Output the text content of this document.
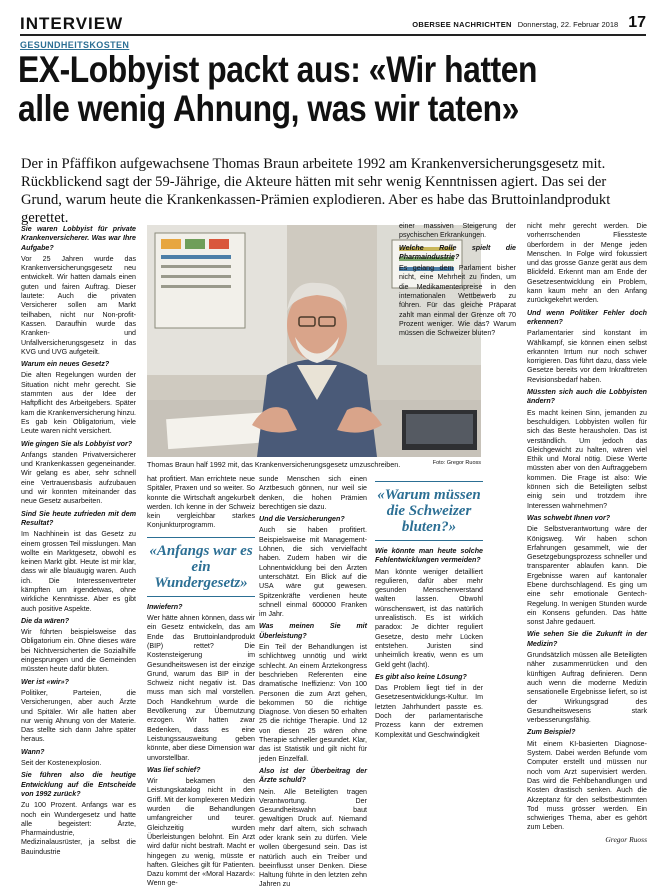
INTERVIEW	OBERSEE NACHRICHTEN Donnerstag, 22. Februar 2018 17
GESUNDHEITSKOSTEN
EX-Lobbyist packt aus: «Wir hatten
alle wenig Ahnung, was wir taten»
Der in Pfäffikon aufgewachsene Thomas Braun arbeitete 1992 am Krankenversicherungsgesetz mit. Rückblickend sagt der 59-Jährige, die Akteure hätten mit sehr wenig Kenntnissen agiert. Das sei der Grund, warum heute die Krankenkassen-Prämien explodieren. Aber es habe das Bruttoinlandprodukt gerettet.

Sie waren Lobbyist für private Krankenversicherer. Was war Ihre Aufgabe?

Vor 25 Jahren wurde das Krankenversicherungsgesetz neu entwickelt. Wir hatten damals einen guten und fairen Auftrag. Dieser lautete: Auch die privaten Versicherer sollen am Markt teilhaben, nicht nur Non-profit-Kassen. Daraufhin wurde das Kranken- und Unfallversicherungsgesetz in das KVG und UVG aufgeteilt.

Warum ein neues Gesetz?

Die alten Regelungen wurden der Situation nicht mehr gerecht. Sie stammten aus der Idee der Haftpflicht des Arbeitgebers. Später kam die Krankenversicherung hinzu. Es gab kein Obligatorium, viele Leute waren nicht versichert.

Wie gingen Sie als Lobbyist vor?

Anfangs standen Privatversicherer und Krankenkassen gegeneinander. Wir gelang es aber, sehr schnell eine Vertrauensbasis aufzubauen und wir konnten miteinander das neue Gesetz ausarbeiten.

Sind Sie heute zufrieden mit dem Resultat?

Im Nachhinein ist das Gesetz zu einem grossen Teil misslungen. Man wollte ein Marktgesetz, obwohl es keinen Markt gibt. Heute ist mir klar, dass wir alle blauäugig waren. Auch ich. Die Interessenvertreter kämpften um irgendetwas, ohne wirkliche Kenntnisse. Aber es gibt auch positive Aspekte.

Die da wären?

Wir führten beispielsweise das Obligatorium ein. Ohne dieses wäre bei Nichtversicherten die Sozialhilfe eingesprungen und die Gemeinden müssten heute dafür bluten.

Wer ist «wir»?

Politiker, Parteien, die Versicherungen, aber auch Ärzte und Spitäler. Wir alle hatten aber nur wenig Ahnung von der Materie. Das stellte sich dann Jahre später heraus.

Wann?

Seit der Kostenexplosion.

Sie führen also die heutige Entwicklung auf die Entscheide von 1992 zurück?

Zu 100 Prozent. Anfangs war es noch ein Wundergesetz und hatte alle begeistert: Ärzte, Pharmaindustrie, Medizinalausrüster, ja selbst die Bauindustrie

Thomas Braun half 1992 mit, das Krankenversicherungsgesetz umzuschreiben.	Foto: Gregor Ruoss

einer massiven Steigerung der psychischen Erkrankungen.

Welche Rolle spielt die Pharmaindustrie?

Es gelang dem Parlament bisher nicht, eine Mehrheit zu finden, um die Medikamentenpreise in den internationalen Wettbewerb zu führen. Für das gleiche Präparat zahlt man einmal der Grenze oft 70 Prozent weniger. Wie das? Warum müssen die Schweizer bluten?

hat profitiert. Man errichtete neue Spitäler, Praxen und so weiter. So konnte die Wirtschaft angekurbelt werden. Ich kenne in der Schweiz kein vergleichbar starkes Konjunkturprogramm.

«Anfangs war es ein Wundergesetz»

Inwiefern?

Wer hätte ahnen können, dass wir ein Gesetz entwickeln, das am Ende das Bruttoinlandprodukt (BIP) rettet? Die Kostensteigerung im Gesundheitswesen ist der einzige Grund, warum das BIP in der Schweiz nicht negativ ist. Das muss man sich mal vorstellen. Doch Handkehrum wurde die Bevölkerung zur Übernutzung erzogen. Wir hatten zwar Bedenken, dass es eine Leistungssausweitung geben könnte, aber diese Dimension war unvorstellbar.

Was lief schief?

Wir bekamen den Leistungskatalog nicht in den Griff. Mit der komplexeren Medizin wurden die Behandlungen umfangreicher und teurer. Gleichzeitig wurden Überleistungen belohnt. Ein Arzt wird dafür nicht bestraft. Macht er hingegen zu wenig, müsste er haften. Gleiches gilt für Patienten. Dazu kommt der «Moral Hazard»: Wenn ge-

sunde Menschen sich einen Arztbesuch gönnen, nur weil sie denken, die hohen Prämien berechtigen sie dazu.

Und die Versicherungen?

Auch sie haben profitiert. Beispielsweise mit Management-Löhnen, die sich vervielfacht haben. Zudem haben wir die Lohnentwicklung bei den Ärzten unterschätzt. Ein Blick auf die USA wäre gut gewesen. Spitzenkräfte verdienen heute schnell einmal 600000 Franken im Jahr.

Was meinen Sie mit Überleistung?

Ein Teil der Behandlungen ist schlichtweg unnötig und wirkt schlecht. An einem Ärztekongress beschrieben Referenten eine dramatische Ineffizienz: Von 100 Personen die zum Arzt gehen, bekommen 50 die richtige Diagnose. Von diesen 50 erhalten 25 die richtige Therapie. Und 12 von diesen 25 wären ohne Therapie schneller gesundet. Klar, das ist Statistik und gilt nicht für jeden Einzelfall.

Also ist der Überbeitrag der Ärzte schuld?

Nein. Alle Beteiligten tragen Verantwortung. Der Gesundheitswahn baut gewaltigen Druck auf. Niemand mehr darf altern, sich schwach oder krank sein zu dürfen. Viele wollen übergesund sein. Das ist natürlich auch ein Treiber und beeinflusst unser Denken. Diese Haltung führte in den letzten zehn Jahren zu

«Warum müssen die Schweizer bluten?»

Wie könnte man heute solche Fehlentwicklungen vermeiden?

Man könnte weniger detailliert regulieren, dafür aber mehr gesunden Menschenverstand walten lassen. Obwohl wünschenswert, ist das natürlich unrealistisch. Es ist wirklich paradox: Je dichter reguliert Gesetze, desto mehr Lücken entstehen. Juristen sind unheimlich kreativ, wenn es um Geld geht (lacht).

Es gibt also keine Lösung?

Das Problem liegt tief in der Gesetzesentwicklungs-Kultur. Im letzten Jahrhundert passte es. Doch der parlamentarische Prozess kann der extremen Komplexität und Geschwindigkeit

nicht mehr gerecht werden. Die vorherrschenden Fliessteste überfordern in der Menge jeden Menschen. In Folge wird fokussiert und das grosse Ganze gerät aus dem Blickfeld. Erkennt man am Ende der Gesetzesentwicklung ein Problem, kann kaum mehr an den Anfang zurückgekehrt werden.

Und wenn Politiker Fehler doch erkennen?

Parlamentarier sind konstant im Wählkampf, sie können einen selbst erkannten Irrtum nur noch schwer korrigieren. Das führt dazu, dass viele Gesetze bereits vor dem Inkrafttreten Revisionsbedarf haben.

Müssten sich auch die Lobbyisten ändern?

Es macht keinen Sinn, jemanden zu beschuldigen. Lobbyisten wollen für sich das Beste herausholen. Das ist verständlich. Um jedoch das Gleichgewicht zu halten, wären viel Ethik und Moral nötig. Diese Werte müssten aber von den Auftraggebern kommen. Die Frage ist also: Wie können sich die Beteiligten selbst einig sein und trotzdem ihre Interessen wahrnehmen?

Was schwebt Ihnen vor?

Die Selbstverantwortung wäre der Königsweg. Wir haben schon Erfahrungen gesammelt, wie der Gesetzgebungsprozess schneller und transparenter ablaufen kann. Die Ergebnisse waren auf kantonaler Ebene durchschlagend. Es ging um eine sehr emotionale Gentech-Regelung. In wenigen Stunden wurde ein Konsens gefunden. Das hätte sonst Jahre gedauert.

Wie sehen Sie die Zukunft in der Medizin?

Grundsätzlich müssen alle Beteiligten näher zusammenrücken und den künftigen Auftrag definieren. Denn auch wenn die moderne Medizin sensationelle Ergebnisse liefert, so ist der Wirkungsgrad des Gesundheitswesens stark verbesserungsfähig.

Zum Beispiel?

Mit einem KI-basierten Diagnose-System. Dabei werden Befunde vom Computer erstellt und müssen nur noch vom Arzt supervisiert werden. Das wird die Fehlbehandlungen und Kosten drastisch senken. Auch die Akzeptanz für den selbstbestimmten Tod muss grösser werden. Ein schwieriges Thema, aber es gehört zum Leben.

Gregor Ruoss
